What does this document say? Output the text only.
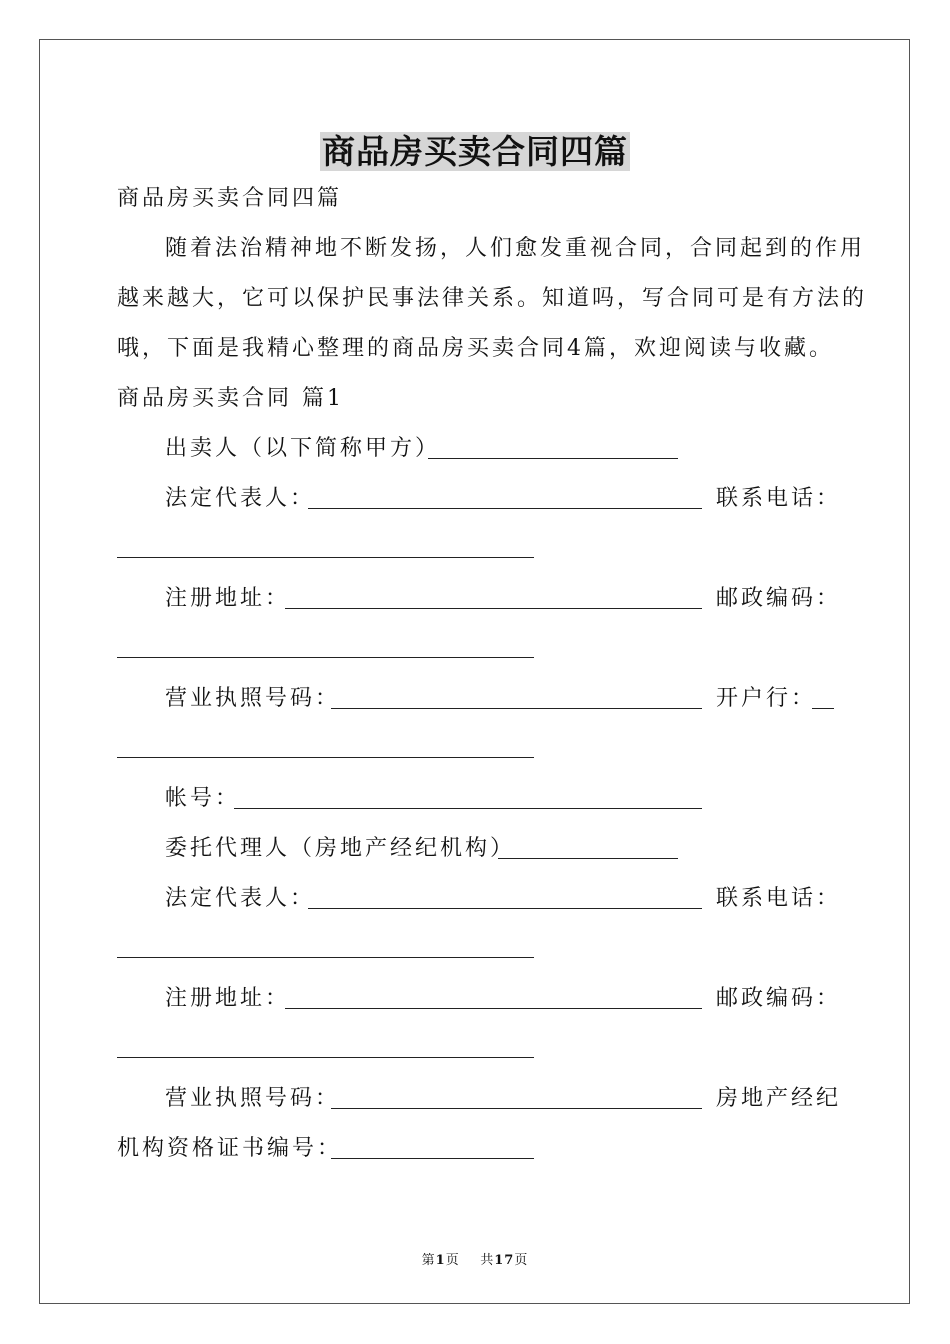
商品房买卖合同四篇
商品房买卖合同四篇
随着法治精神地不断发扬，人们愈发重视合同，合同起到的作用
越来越大，它可以保护民事法律关系。知道吗，写合同可是有方法的
哦，下面是我精心整理的商品房买卖合同4篇，欢迎阅读与收藏。
商品房买卖合同 篇1
出卖人（以下简称甲方）
法定代表人：	联系电话：
注册地址：	邮政编码：
营业执照号码：	开户行：
帐号：
委托代理人（房地产经纪机构）
法定代表人：	联系电话：
注册地址：	邮政编码：
营业执照号码：	房地产经纪
机构资格证书编号：
第1页    共17页
